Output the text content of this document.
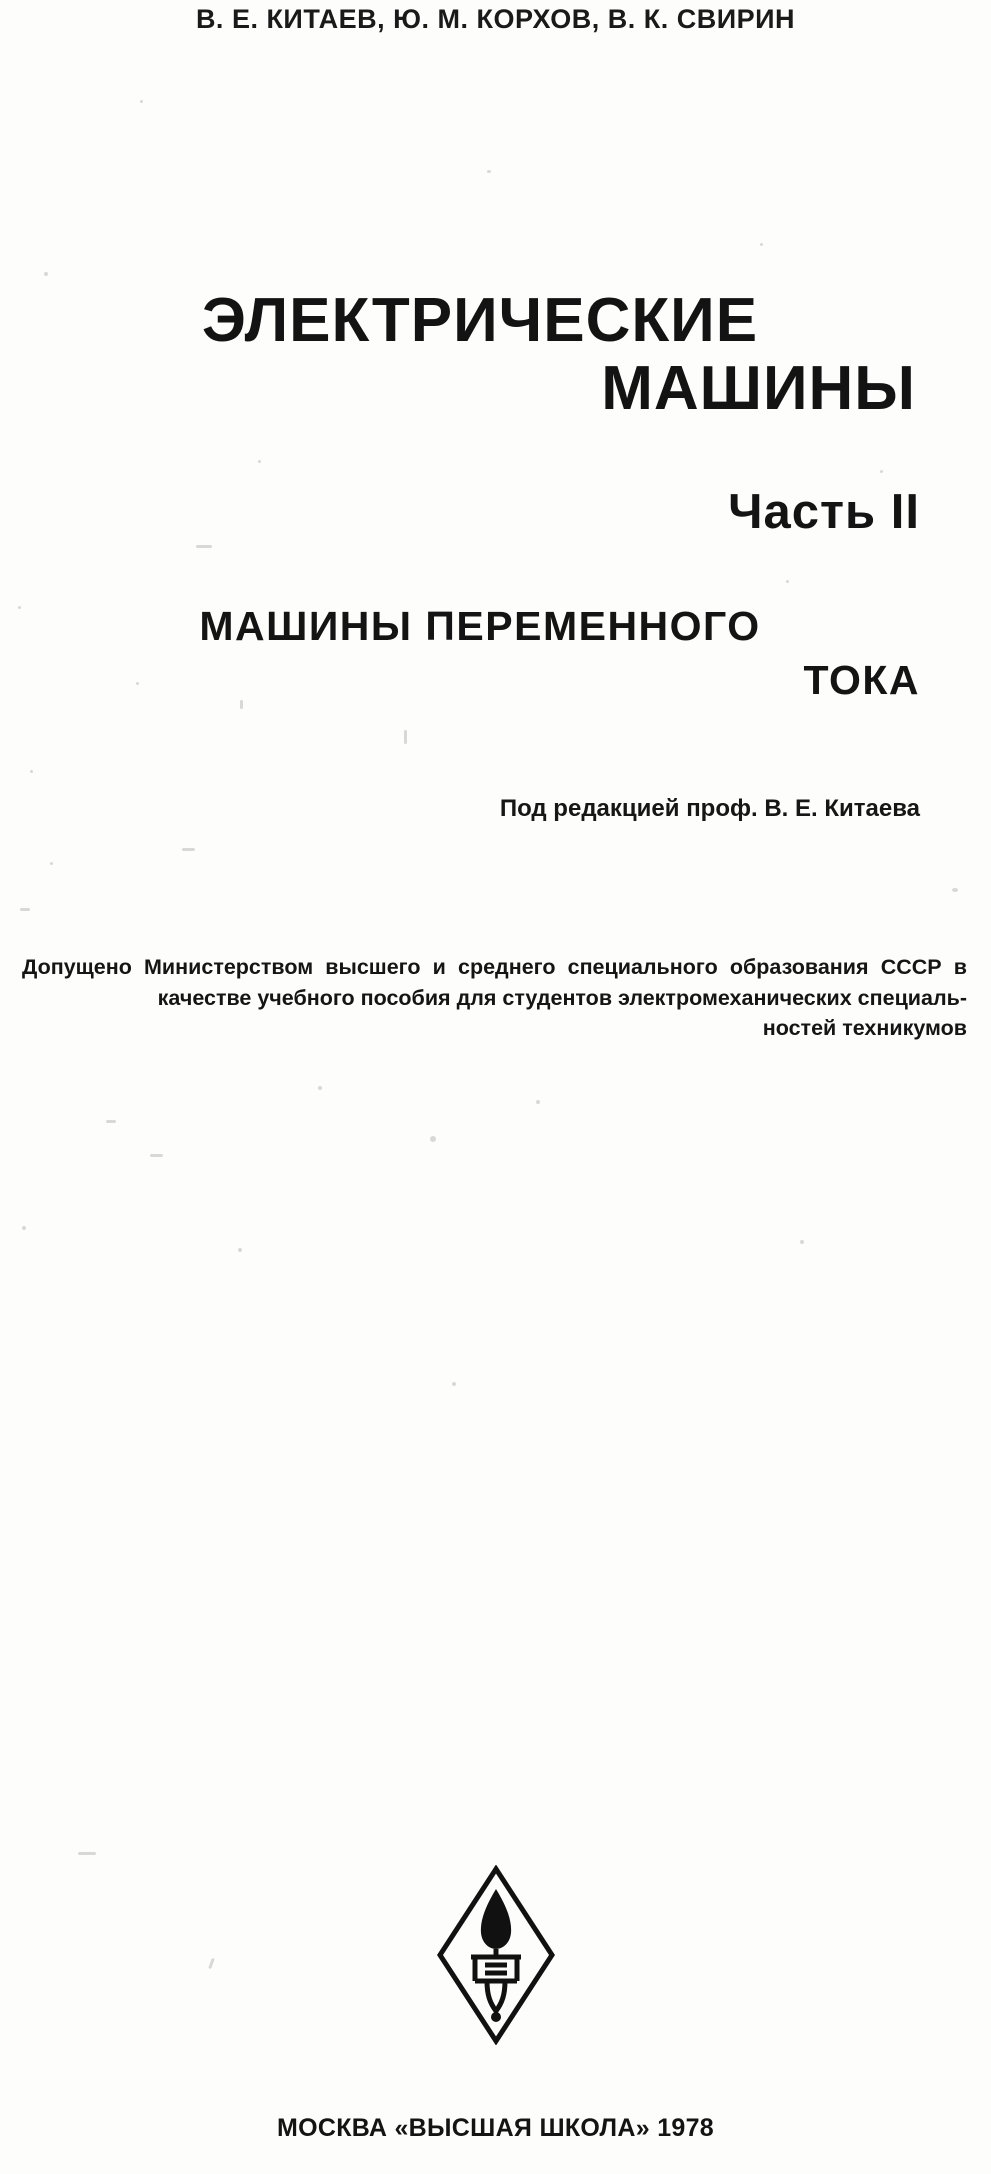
В. Е. КИТАЕВ, Ю. М. КОРХОВ, В. К. СВИРИН
ЭЛЕКТРИЧЕСКИЕ
МАШИНЫ
Часть II
МАШИНЫ ПЕРЕМЕННОГО
ТОКА
Под редакцией проф. В. Е. Китаева
Допущено Министерством высшего и среднего специального образования СССР в качестве учебного пособия для студентов электромеханических специаль-
ностей техникумов
МОСКВА «ВЫСШАЯ ШКОЛА» 1978
